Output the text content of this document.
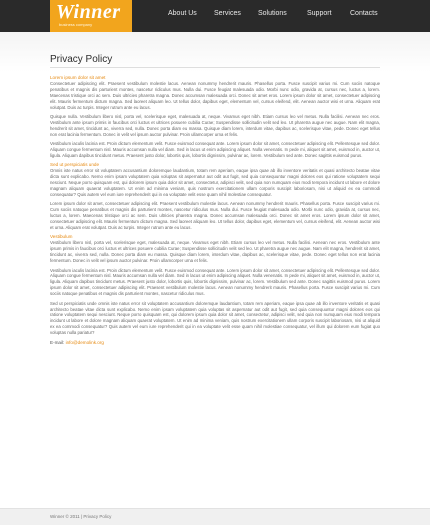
Winner
business company
About Us Services Solutions	Support	Contacts
Privacy Policy
Lorem ipsum dolor sit amet

Consectetuer adipiscing elit. Praesent vestibulum molestie lacus. Aenean nonummy hendrerit mauris. Phasellus porta. Fusce suscipit varius mi. Cum sociis natoque penatibus et magnis dis parturient montes, nascetur ridiculus mus. Nulla dui. Fusce feugiat malesuada odio. Morbi nunc odio, gravida at, cursus nec, luctus a, lorem. Maecenas tristique orci ac sem. Duis ultricies pharetra magna. Donec accumsan malesuada orci. Donec sit amet eros. Lorem ipsum dolor sit amet, consectetuer adipiscing elit. Mauris fermentum dictum magna. Sed laoreet aliquam leo. Ut tellus dolor, dapibus eget, elementum vel, cursus eleifend, elit. Aenean auctor wisi et urna. Aliquam erat volutpat. Duis ac turpis. Integer rutrum ante eu lacus.

Quisque nulla. Vestibulum libero nisl, porta vel, scelerisque eget, malesuada at, neque. Vivamus eget nibh. Etiam cursus leo vel metus. Nulla facilisi. Aenean nec eros. Vestibulum ante ipsum primis in faucibus orci luctus et ultrices posuere cubilia Curae; Suspendisse sollicitudin velit sed leo. Ut pharetra augue nec augue. Nam elit magna, hendrerit sit amet, tincidunt ac, viverra sed, nulla. Donec porta diam eu massa. Quisque diam lorem, interdum vitae, dapibus ac, scelerisque vitae, pede. Donec eget tellus non erat lacinia fermentum. Donec in velit vel ipsum auctor pulvinar. Proin ullamcorper urna et felis.

Vestibulum iaculis lacinia est. Proin dictum elementum velit. Fusce euismod consequat ante. Lorem ipsum dolor sit amet, consectetuer adipiscing elit. Pellentesque sed dolor. Aliquam congue fermentum nisl. Mauris accumsan nulla vel diam. Sed in lacus ut enim adipiscing aliquet. Nulla venenatis. In pede mi, aliquet sit amet, euismod in, auctor ut, ligula. Aliquam dapibus tincidunt metus. Praesent justo dolor, lobortis quis, lobortis dignissim, pulvinar ac, lorem. Vestibulum sed ante. Donec sagittis euismod purus.

Sed ut perspiciatis unde

Omnis iste natus error sit voluptatem accusantium doloremque laudantium, totam rem aperiam, eaque ipsa quae ab illo inventore veritatis et quasi architecto beatae vitae dicta sunt explicabo. Nemo enim ipsam voluptatem quia voluptas sit aspernatur aut odit aut fugit, sed quia consequuntur magni dolores eos qui ratione voluptatem sequi nesciunt. Neque porro quisquam est, qui dolorem ipsum quia dolor sit amet, consectetur, adipisci velit, sed quia non numquam eius modi tempora incidunt ut labore et dolore magnam aliquam quaerat voluptatem. Ut enim ad minima veniam, quis nostrum exercitationem ullam corporis suscipit laboriosam, nisi ut aliquid ex ea commodi consequatur? Quis autem vel eum iure reprehenderit qui in ea voluptate velit esse quam nihil molestiae consequatur.

Lorem ipsum dolor sit amet, consectetuer adipiscing elit. Praesent vestibulum molestie lacus. Aenean nonummy hendrerit mauris. Phasellus porta. Fusce suscipit varius mi. Cum sociis natoque penatibus et magnis dis parturient montes, nascetur ridiculus mus. Nulla dui. Fusce feugiat malesuada odio. Morbi nunc odio, gravida at, cursus nec, luctus a, lorem. Maecenas tristique orci ac sem. Duis ultricies pharetra magna. Donec accumsan malesuada orci. Donec sit amet eros. Lorem ipsum dolor sit amet, consectetuer adipiscing elit. Mauris fermentum dictum magna. Sed laoreet aliquam leo. Ut tellus dolor, dapibus eget, elementum vel, cursus eleifend, elit. Aenean auctor wisi et urna. Aliquam erat volutpat. Duis ac turpis. Integer rutrum ante eu lacus.

Vestibulum

Vestibulum libero nisl, porta vel, scelerisque eget, malesuada at, neque. Vivamus eget nibh. Etiam cursus leo vel metus. Nulla facilisi. Aenean nec eros. Vestibulum ante ipsum primis in faucibus orci luctus et ultrices posuere cubilia Curae; Suspendisse sollicitudin velit sed leo. Ut pharetra augue nec augue. Nam elit magna, hendrerit sit amet, tincidunt ac, viverra sed, nulla. Donec porta diam eu massa. Quisque diam lorem, interdum vitae, dapibus ac, scelerisque vitae, pede. Donec eget tellus non erat lacinia fermentum. Donec in velit vel ipsum auctor pulvinar. Proin ullamcorper urna et felis.

Vestibulum iaculis lacinia est. Proin dictum elementum velit. Fusce euismod consequat ante. Lorem ipsum dolor sit amet, consectetuer adipiscing elit. Pellentesque sed dolor. Aliquam congue fermentum nisl. Mauris accumsan nulla vel diam. Sed in lacus ut enim adipiscing aliquet. Nulla venenatis. In pede mi, aliquet sit amet, euismod in, auctor ut, ligula. Aliquam dapibus tincidunt metus. Praesent justo dolor, lobortis quis, lobortis dignissim, pulvinar ac, lorem. Vestibulum sed ante. Donec sagittis euismod purus. Lorem ipsum dolor sit amet, consectetuer adipiscing elit. Praesent vestibulum molestie lacus. Aenean nonummy hendrerit mauris. Phasellus porta. Fusce suscipit varius mi. Cum sociis natoque penatibus et magnis dis parturient montes, nascetur ridiculus mus.

Sed ut perspiciatis unde omnis iste natus error sit voluptatem accusantium doloremque laudantium, totam rem aperiam, eaque ipsa quae ab illo inventore veritatis et quasi architecto beatae vitae dicta sunt explicabo. Nemo enim ipsam voluptatem quia voluptas sit aspernatur aut odit aut fugit, sed quia consequuntur magni dolores eos qui ratione voluptatem sequi nesciunt. Neque porro quisquam est, qui dolorem ipsum quia dolor sit amet, consectetur, adipisci velit, sed quia non numquam eius modi tempora incidunt ut labore et dolore magnam aliquam quaerat voluptatem. Ut enim ad minima veniam, quis nostrum exercitationem ullam corporis suscipit laboriosam, nisi ut aliquid ex ea commodi consequatur? Quis autem vel eum iure reprehenderit qui in ea voluptate velit esse quam nihil molestiae consequatur, vel illum qui dolorem eum fugiat quo voluptas nulla pariatur?

E-mail: info@demolink.org
Winner © 2011 | Privacy Policy
